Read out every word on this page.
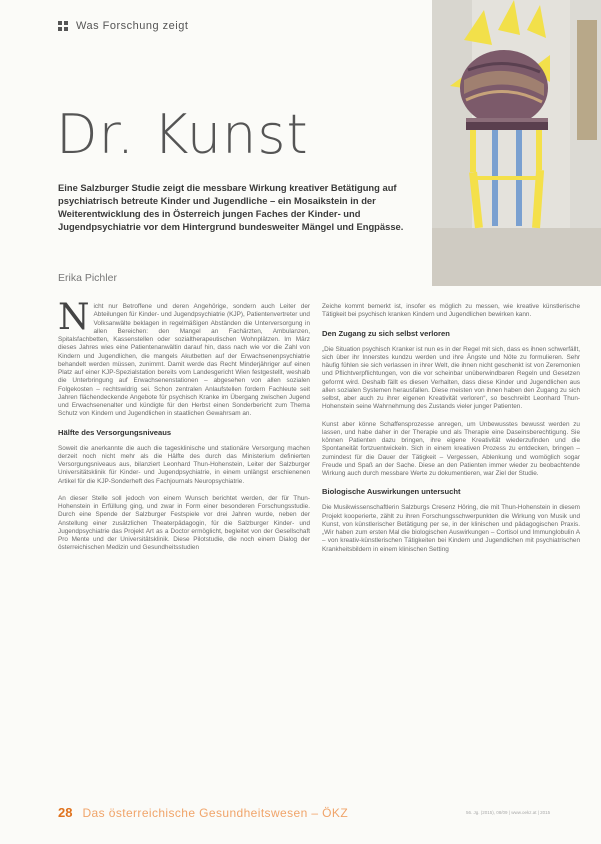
Was Forschung zeigt
Dr. Kunst

Eine Salzburger Studie zeigt die messbare Wirkung kreativer Betätigung auf psychiatrisch betreute Kinder und Jugendliche – ein Mosaikstein in der Weiterentwicklung des in Österreich jungen Faches der Kinder- und Jugendpsychiatrie vor dem Hintergrund bundesweiter Mängel und Engpässe.

Erika Pichler

Nicht nur Betroffene und deren Angehörige, sondern auch Leiter der Abteilungen für Kinder- und Jugendpsychiatrie (KJP), Patientenvertreter und Volksanwälte beklagen in regelmäßigen Abständen die Unterversorgung in allen Bereichen: den Mangel an Fachärzten, Ambulanzen, Spitalsfachbetten, Kassenstellen oder sozialtherapeutischen Wohnplätzen. Im März dieses Jahres wies eine Patientenanwältin darauf hin, dass nach wie vor die Zahl von Kindern und Jugendlichen, die mangels Akutbetten auf der Erwachsenenpsychiatrie behandelt werden müssen, zunimmt. Damit werde das Recht Minderjähriger auf einen Platz auf einer KJP-Spezialstation bereits vom Landesgericht Wien festgestellt, weshalb die Unterbringung auf Erwachsenenstationen – abgesehen von allen sozialen Folgekosten – rechtswidrig sei. Schon zentralen Anlaufstellen fordern Fachleute seit Jahren flächendeckende Angebote für psychisch Kranke im Übergang zwischen Jugend und Erwachsenenalter und kündigte für den Herbst einen Sonderbericht zum Thema Schutz von Kindern und Jugendlichen in staatlichen Gewahrsam an.

Hälfte des Versorgungsniveaus

Soweit die anerkannte die auch die tagesklinische und stationäre Versorgung machen derzeit noch nicht mehr als die Hälfte des durch das Ministerium definierten Versorgungsniveaus aus, bilanziert Leonhard Thun-Hohenstein, Leiter der Salzburger Universitätsklinik für Kinder- und Jugendpsychiatrie, in einem unlängst erschienenen Artikel für die KJP-Sonderheft des Fachjournals Neuropsychiatrie.

An dieser Stelle soll jedoch von einem Wunsch berichtet werden, der für Thun-Hohenstein in Erfüllung ging, und zwar in Form einer besonderen Forschungsstudie. Durch eine Spende der Salzburger Festspiele vor drei Jahren wurde, neben der Anstellung einer zusätzlichen Theaterpädagogin, für die Salzburger Kinder- und Jugendpsychiatrie das Projekt Art as a Doctor ermöglicht, begleitet von der Gesellschaft Pro Mente und der Universitätsklinik. Diese Pilotstudie, die noch einem Dialog der österreichischen Medizin und Gesundheitsstudien

Zeiche kommt bemerkt ist, insofer es möglich zu messen, wie kreative künstlerische Tätigkeit bei psychisch kranken Kindern und Jugendlichen bewirken kann.

Den Zugang zu sich selbst verloren

„Die Situation psychisch Kranker ist nun es in der Regel mit sich, dass es ihnen schwerfällt, sich über ihr Innerstes kundzu werden und ihre Ängste und Nöte zu formulieren. Sehr häufig fühlen sie sich verlassen in ihrer Welt, die ihnen nicht geschenkt ist von Zeremonien und Pflichtverpflichtungen, von die vor scheinbar unüberwindbaren Regeln und Gesetzen geformt wird. Deshalb fällt es diesen Verhalten, dass diese Kinder und Jugendlichen aus allen sozialen Systemen herausfallen. Diese meisten von ihnen haben den Zugang zu sich selbst, aber auch zu ihrer eigenen Kreativität verloren“, so beschreibt Leonhard Thun-Hohenstein seine Wahrnehmung des Zustands vieler junger Patienten.

Kunst aber könne Schaffensprozesse anregen, um Unbewusstes bewusst werden zu lassen, und habe daher in der Therapie und als Therapie eine Daseinsberechtigung. Sie können Patienten dazu bringen, ihre eigene Kreativität wiederzufinden und die Spontaneität fortzuentwickeln. Sich in einem kreativen Prozess zu entdecken, bringen – zumindest für die Dauer der Tätigkeit – Vergessen, Ablenkung und womöglich sogar Freude und Spaß an der Sache. Diese an den Patienten immer wieder zu beobachtende Wirkung auch durch messbare Werte zu dokumentieren, war Ziel der Studie.

Biologische Auswirkungen untersucht

Die Musikwissenschaftlerin Salzburgs Cresenz Höring, die mit Thun-Hohenstein in diesem Projekt kooperierte, zählt zu ihren Forschungsschwerpunkten die Wirkung von Musik und Kunst, von künstlerischer Betätigung per se, in der klinischen und pädagogischen Praxis. „Wir haben zum ersten Mal die biologischen Auswirkungen – Cortisol und Immunglobulin A – von kreativ-künstlerischen Tätigkeiten bei Kindern und Jugendlichen mit psychiatrischen Krankheitsbildern in einem klinischen Setting

28 Das österreichische Gesundheitswesen – ÖKZ	56. Jg. (2015), 08/09 | www.oekz.at | 2015
